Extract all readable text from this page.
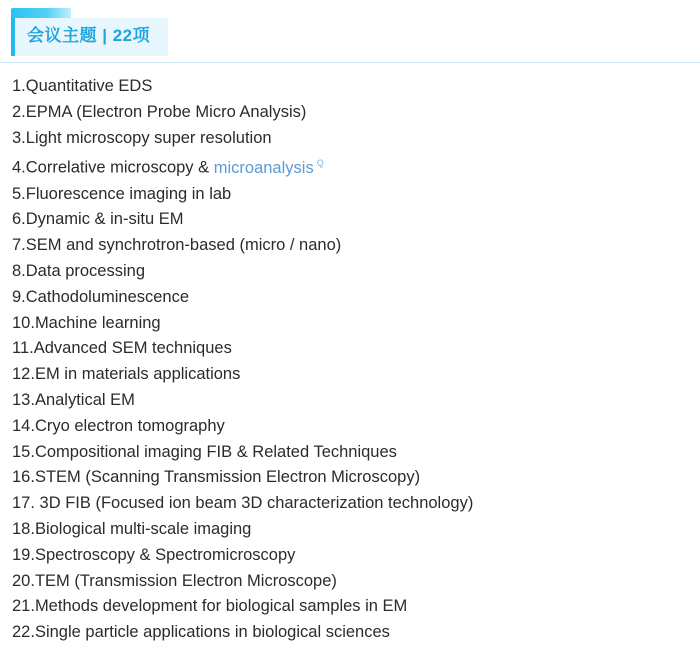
会议主题 | 22项
1.Quantitative EDS
2.EPMA (Electron Probe Micro Analysis)
3.Light microscopy super resolution
4.Correlative microscopy & microanalysis $^Q$
5.Fluorescence imaging in lab
6.Dynamic & in-situ EM
7.SEM and synchrotron-based (micro / nano)
8.Data processing
9.Cathodoluminescence
10.Machine learning
11.Advanced SEM techniques
12.EM in materials applications
13.Analytical EM
14.Cryo electron tomography
15.Compositional imaging FIB & Related Techniques
16.STEM (Scanning Transmission Electron Microscopy)
17. 3D FIB (Focused ion beam 3D characterization technology)
18.Biological multi-scale imaging
19.Spectroscopy & Spectromicroscopy
20.TEM (Transmission Electron Microscope)
21.Methods development for biological samples in EM
22.Single particle applications in biological sciences
